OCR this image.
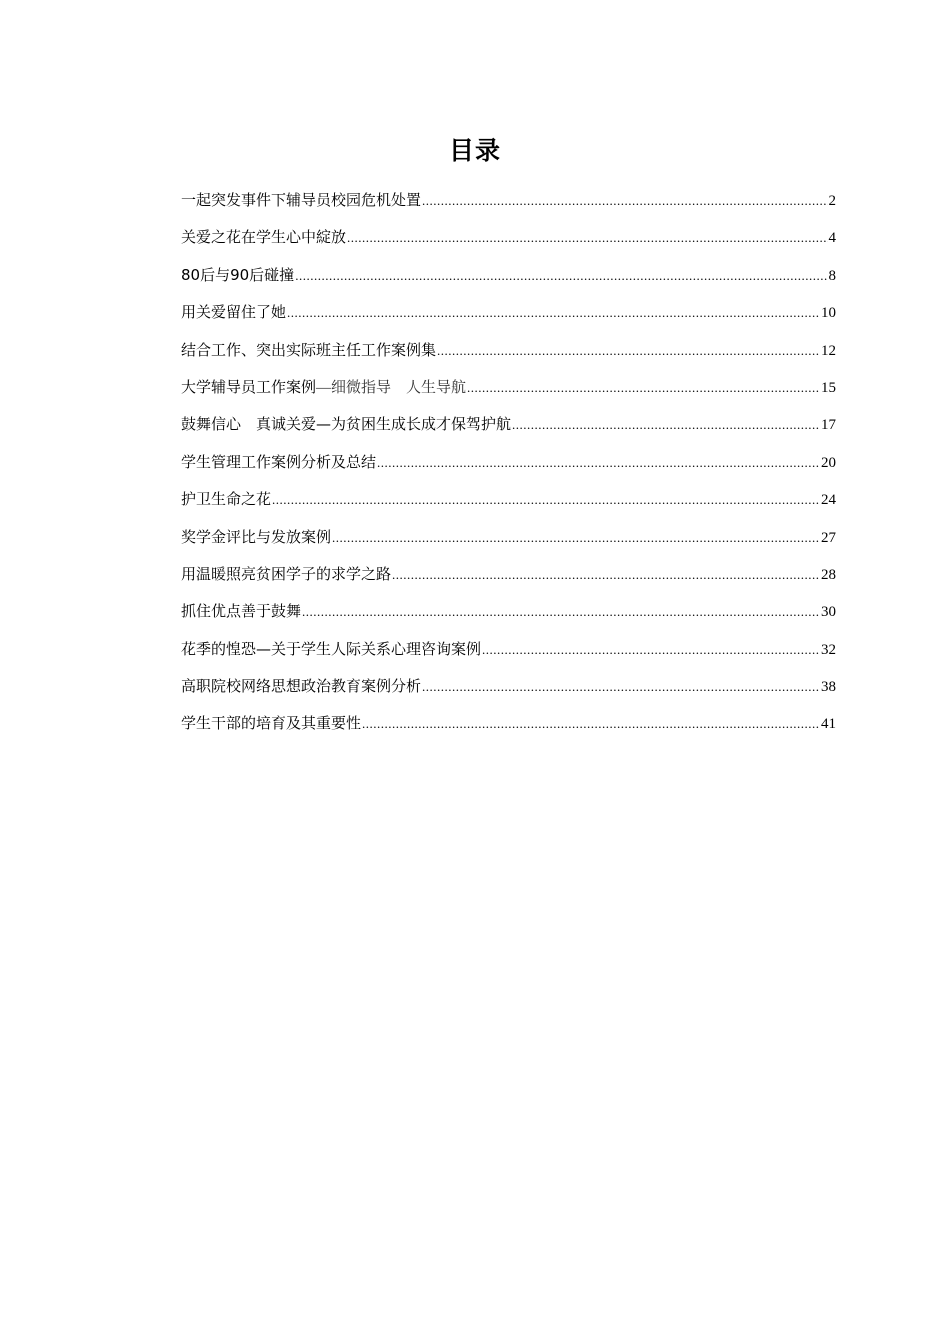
目录
一起突发事件下辅导员校园危机处置 .....	2
关爱之花在学生心中綻放 .....	4
80后与90后碰撞 .....	8
用关爱留住了她 .....	10
结合工作、突出实际班主任工作案例集 .....	12
大学辅导员工作案例—细微指导　人生导航 .....	15
鼓舞信心　真诚关爱—为贫困生成长成才保驾护航 .....	17
学生管理工作案例分析及总结 .....	20
护卫生命之花 .....	24
奖学金评比与发放案例 .....	27
用温暖照亮贫困学子的求学之路 .....	28
抓住优点善于鼓舞 .....	30
花季的惶恐—关于学生人际关系心理咨询案例 .....	32
高职院校网络思想政治教育案例分析 .....	38
学生干部的培育及其重要性 .....	41
